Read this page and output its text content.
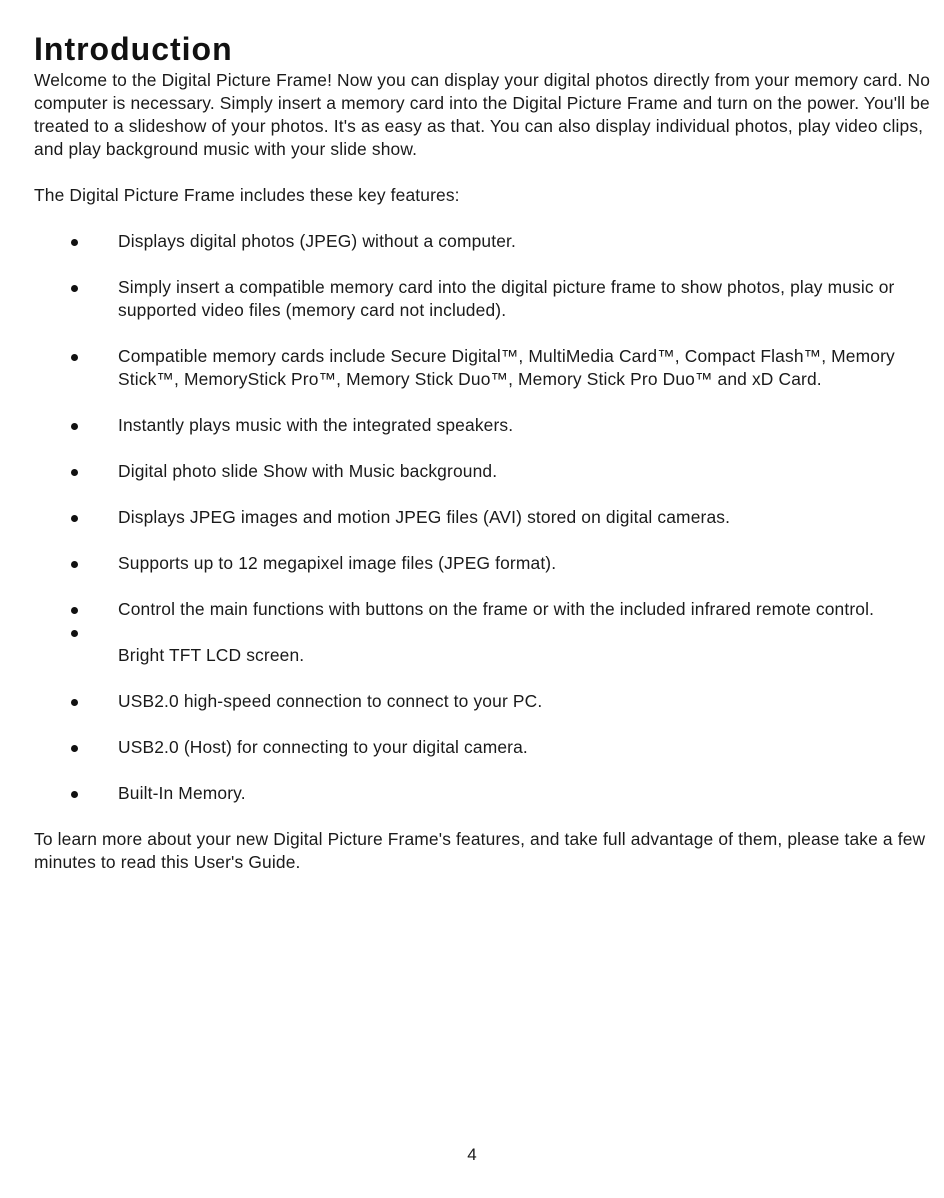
Introduction

Welcome to the Digital Picture Frame! Now you can display your digital photos directly from your memory card. No computer is necessary. Simply insert a memory card into the Digital Picture Frame and turn on the power. You'll be treated to a slideshow of your photos. It's as easy as that. You can also display individual photos, play video clips, and play background music with your slide show.

The Digital Picture Frame includes these key features:

Displays digital photos (JPEG) without a computer.
Simply insert a compatible memory card into the digital picture frame to show photos, play music or supported video files (memory card not included).
Compatible memory cards include Secure Digital™, MultiMedia Card™, Compact Flash™, Memory Stick™, MemoryStick Pro™, Memory Stick Duo™, Memory Stick Pro Duo™ and xD Card.
Instantly plays music with the integrated speakers.
Digital photo slide Show with Music background.
Displays JPEG images and motion JPEG files (AVI) stored on digital cameras.
Supports up to 12 megapixel image files (JPEG format).
Control the main functions with buttons on the frame or with the included infrared remote control.
Bright TFT LCD screen.
USB2.0 high-speed connection to connect to your PC.
USB2.0 (Host) for connecting to your digital camera.
Built-In Memory.

To learn more about your new Digital Picture Frame's features, and take full advantage of them, please take a few minutes to read this User's Guide.

4
